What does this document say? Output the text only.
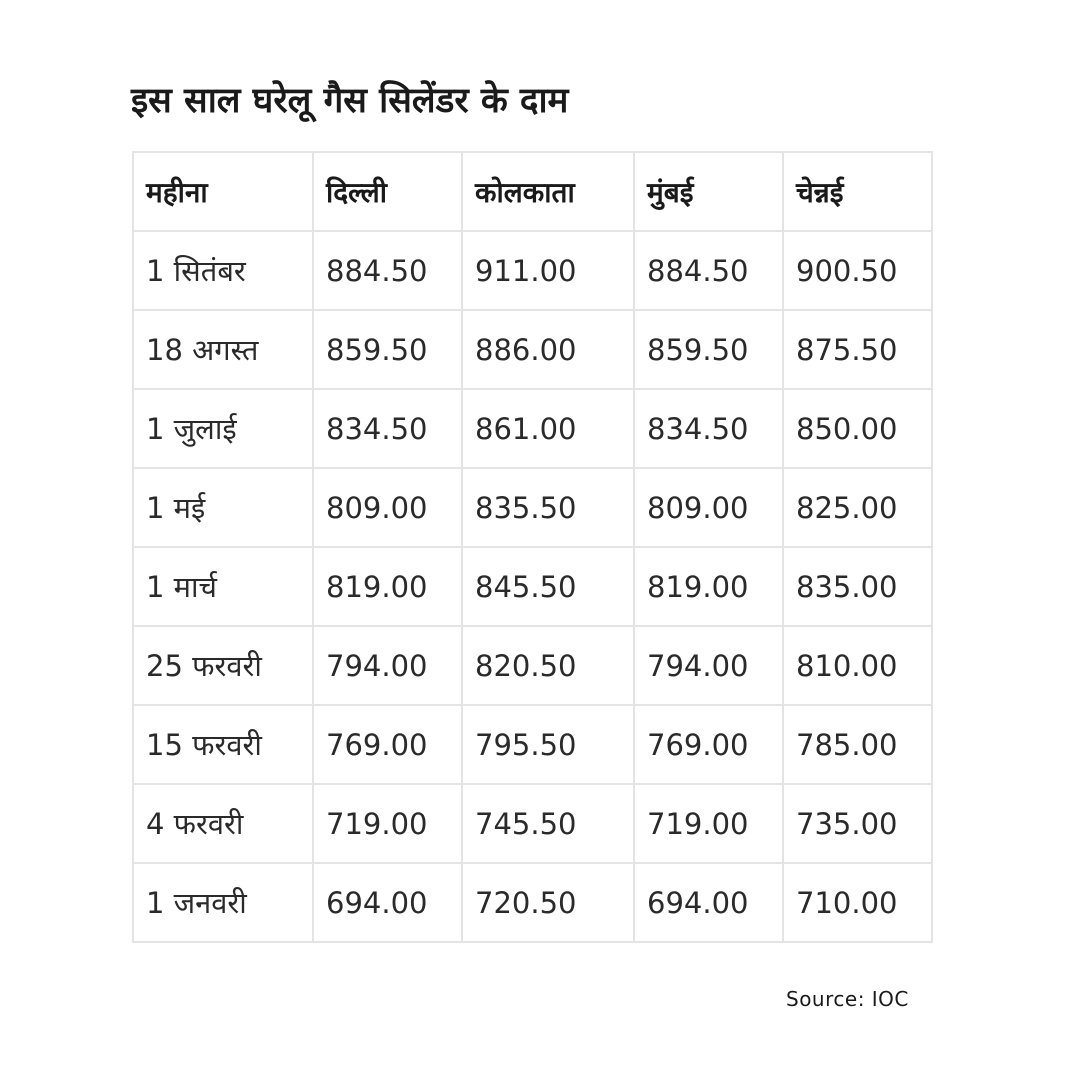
इस साल घरेलू गैस सिलेंडर के दाम
महीना	दिल्ली	कोलकाता	मुंबई	चेन्नई
1 सितंबर	884.50	911.00	884.50	900.50
18 अगस्त	859.50	886.00	859.50	875.50
1 जुलाई	834.50	861.00	834.50	850.00
1 मई	809.00	835.50	809.00	825.00
1 मार्च	819.00	845.50	819.00	835.00
25 फरवरी	794.00	820.50	794.00	810.00
15 फरवरी	769.00	795.50	769.00	785.00
4 फरवरी	719.00	745.50	719.00	735.00
1 जनवरी	694.00	720.50	694.00	710.00
Source: IOC
